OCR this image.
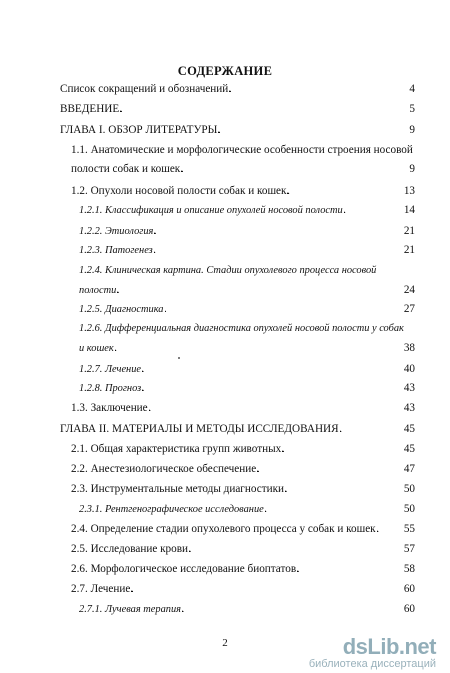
СОДЕРЖАНИЕ
Список сокращений и обозначений . . .	4
ВВЕДЕНИЕ . . .	5
ГЛАВА I. ОБЗОР ЛИТЕРАТУРЫ . . .	9
1.1. Анатомические и морфологические особенности строения носовой
полости собак и кошек . . .	9
1.2. Опухоли носовой полости собак и кошек . . .	13
1.2.1. Классификация и описание опухолей носовой полости . . .	14
1.2.2. Этиология . . .	21
1.2.3. Патогенез . . .	21
1.2.4. Клиническая картина. Стадии опухолевого процесса носовой
полости . . .	24
1.2.5. Диагностика . . .	27
1.2.6. Дифференциальная диагностика опухолей носовой полости у собак
и кошек . . .	38
1.2.7. Лечение . . .	40
1.2.8. Прогноз . . .	43
1.3. Заключение . . .	43
ГЛАВА II. МАТЕРИАЛЫ И МЕТОДЫ ИССЛЕДОВАНИЯ . . .	45
2.1. Общая характеристика групп животных . . .	45
2.2. Анестезиологическое обеспечение . . .	47
2.3. Инструментальные методы диагностики . . .	50
2.3.1. Рентгенографическое исследование . . .	50
2.4. Определение стадии опухолевого процесса у собак и кошек . . .	55
2.5. Исследование крови . . .	57
2.6. Морфологическое исследование биоптатов . . .	58
2.7. Лечение . . .	60
2.7.1. Лучевая терапия . . .	60
2	dsLib.net
библиотека диссертаций
